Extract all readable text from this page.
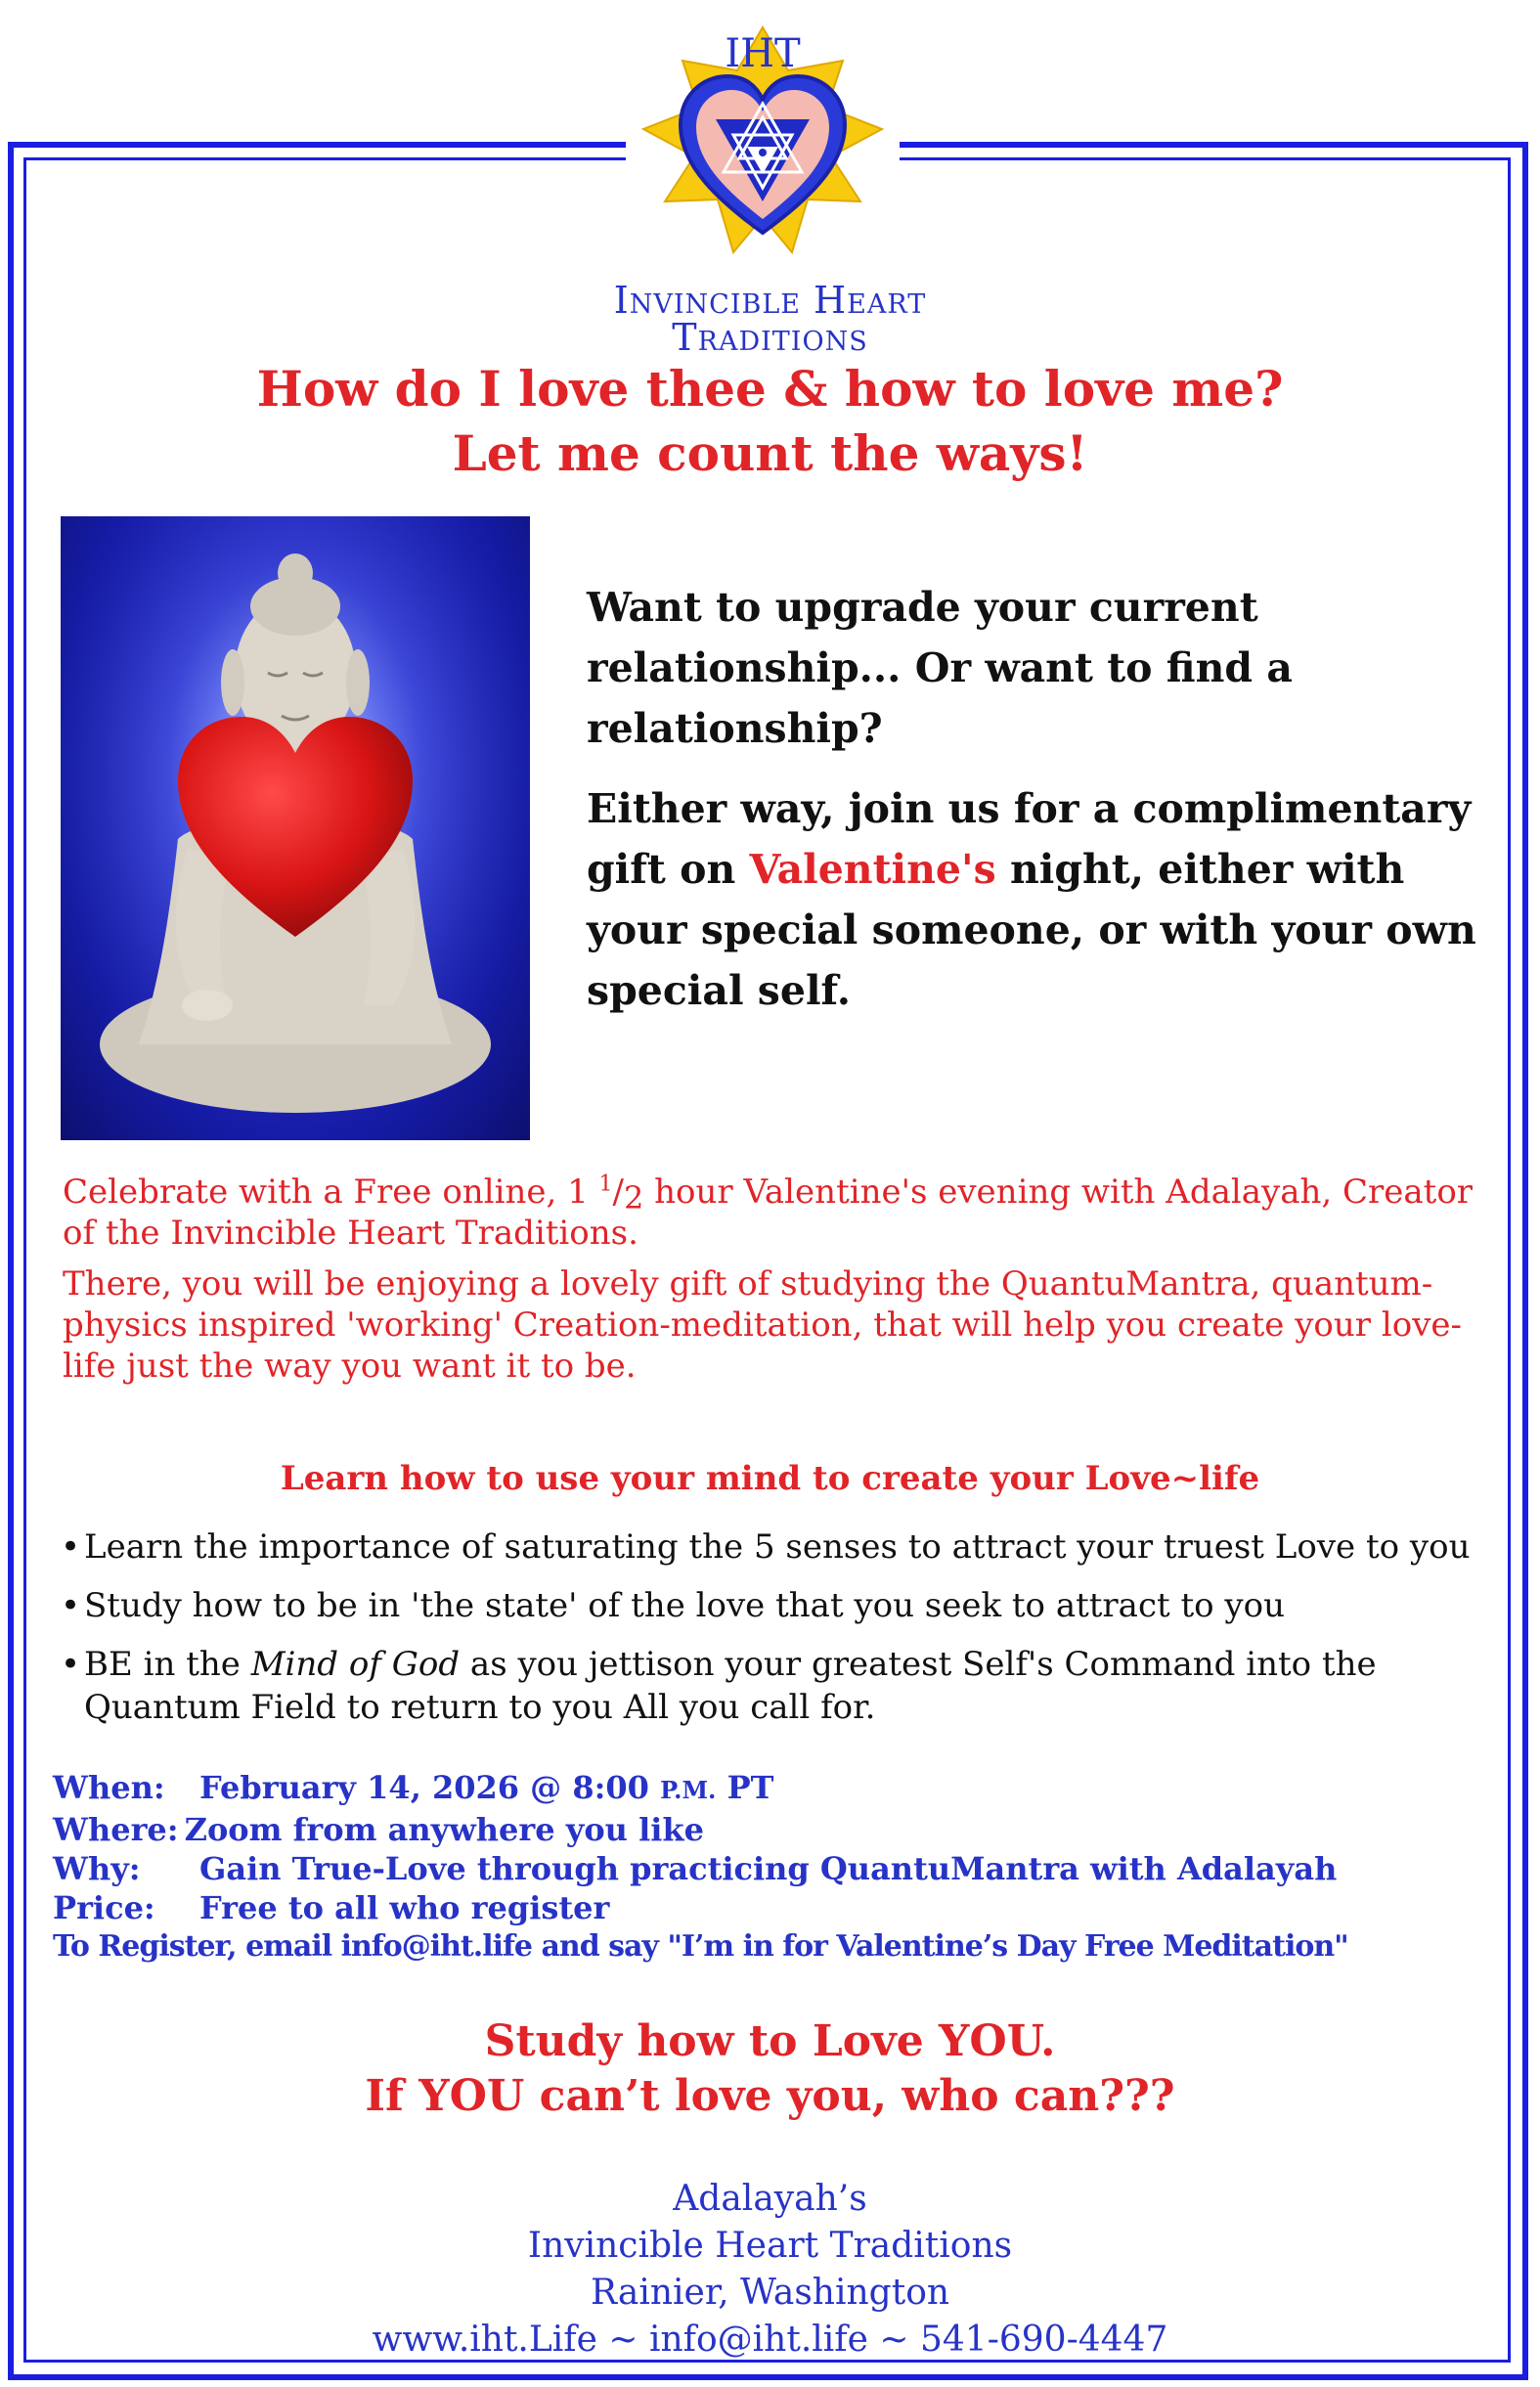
IHT
Invincible Heart
Traditions
How do I love thee & how to love me?
Let me count the ways!

Want to upgrade your current relationship... Or want to find a relationship?

Either way, join us for a complimentary gift on Valentine's night, either with your special someone, or with your own special self.

Celebrate with a Free online, 1 $^1$/2 hour Valentine's evening with Adalayah, Creator of the Invincible Heart Traditions.

There, you will be enjoying a lovely gift of studying the QuantuMantra, quantum-physics inspired 'working' Creation-meditation, that will help you create your love-life just the way you want it to be.

Learn how to use your mind to create your Love~life
• Learn the importance of saturating the 5 senses to attract your truest Love to you
• Study how to be in 'the state' of the love that you seek to attract to you
• BE in the Mind of God as you jettison your greatest Self's Command into the Quantum Field to return to you All you call for.
When:	February 14, 2026 @ 8:00 P.M. PT
Where: Zoom from anywhere you like
Why:	Gain True-Love through practicing QuantuMantra with Adalayah
Price:	Free to all who register
To Register, email info@iht.life and say "I’m in for Valentine’s Day Free Meditation"
Study how to Love YOU.
If YOU can’t love you, who can???
Adalayah’s
Invincible Heart Traditions
Rainier, Washington
www.iht.Life ~ info@iht.life ~ 541-690-4447
